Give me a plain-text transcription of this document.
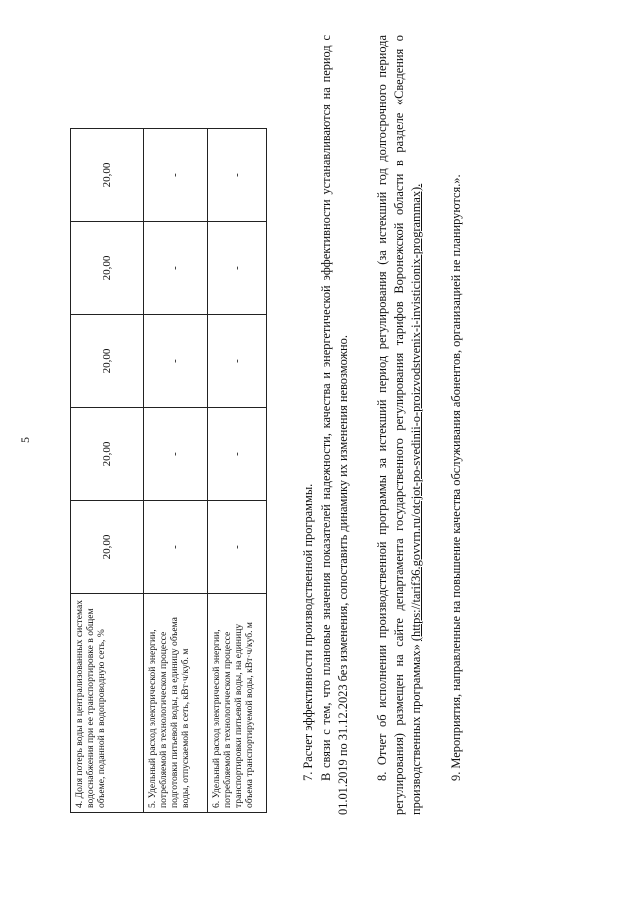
5
4. Доля потерь воды в централизованных системах водоснабжения при ее транспортировке в общем объеме, поданной в водопроводную сеть, %	20,00	20,00	20,00	20,00	20,00
5. Удельный расход электрической энергии, потребляемой в технологическом процессе подготовки питьевой воды, на единицу объема воды, отпускаемой в сеть, кВт·ч/куб. м	-	-	-	-	-
6. Удельный расход электрической энергии, потребляемой в технологическом процессе транспортировки питьевой воды, на единицу объема транспортируемой воды, кВт·ч/куб. м	-	-	-	-	-
7. Расчет эффективности производственной программы. В связи с тем, что плановые значения показателей надежности, качества и энергетической эффективности устанавливаются на период с 01.01.2019 по 31.12.2023 без изменения, сопоставить динамику их изменения невозможно. 8. Отчет об исполнении производственной программы за истекший период регулирования (за истекший год долгосрочного периода регулирования) размещен на сайте департамента государственного регулирования тарифов Воронежской области в разделе «Сведения о производственных программах» (https://tarif36.govvrn.ru/otcjot-po-svedinii-o-proizvodstvenix-i-invisticionix-programmax). 9. Мероприятия, направленные на повышение качества обслуживания абонентов, организацией не планируются.».
